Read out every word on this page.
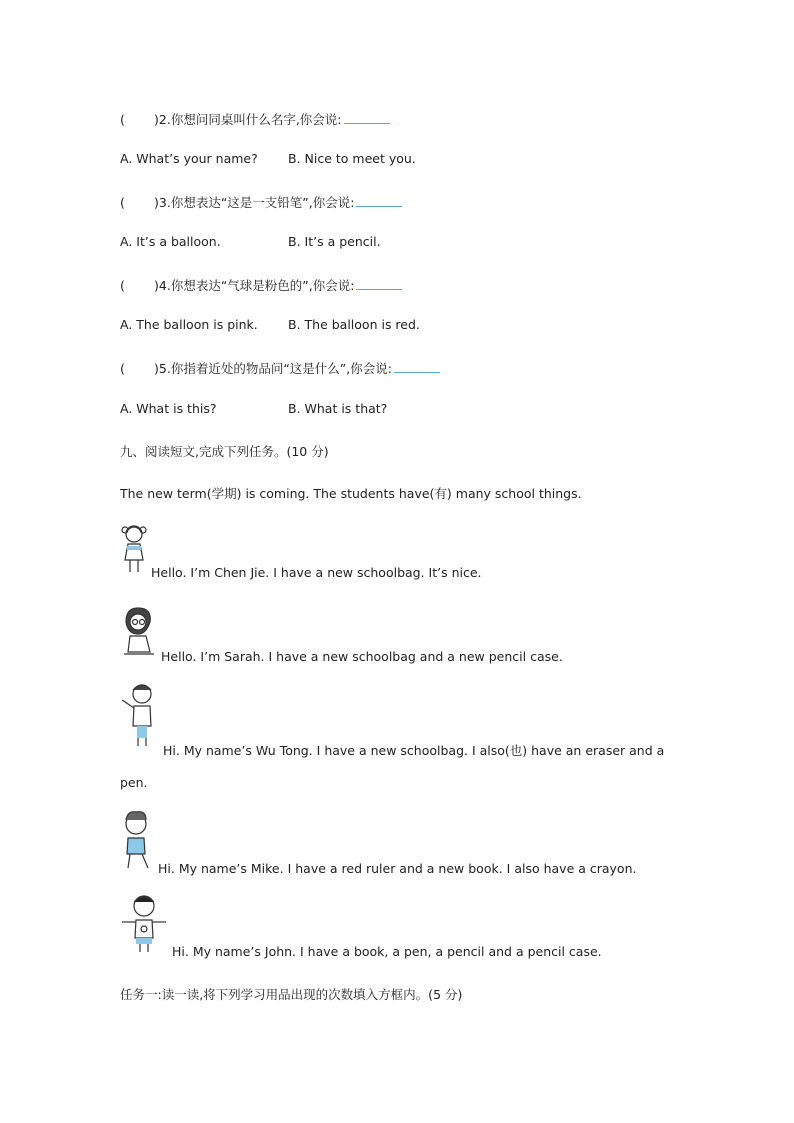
( )2.你想问同桌叫什么名字,你会说:
A. What’s your name? B. Nice to meet you.
( )3.你想表达“这是一支铅笔”,你会说:
A. It’s a balloon.	B. It’s a pencil.
( )4.你想表达“气球是粉色的”,你会说:
A. The balloon is pink. B. The balloon is red.
( )5.你指着近处的物品问“这是什么”,你会说:
A. What is this?	B. What is that?
九、阅读短文,完成下列任务。(10 分)
The new term(学期) is coming. The students have(有) many school things.
Hello. I’m Chen Jie. I have a new schoolbag. It’s nice.
Hello. I’m Sarah. I have a new schoolbag and a new pencil case.
Hi. My name’s Wu Tong. I have a new schoolbag. I also(也) have an eraser and a
pen.
Hi. My name’s Mike. I have a red ruler and a new book. I also have a crayon.
Hi. My name’s John. I have a book, a pen, a pencil and a pencil case.
任务一:读一读,将下列学习用品出现的次数填入方框内。(5 分)
